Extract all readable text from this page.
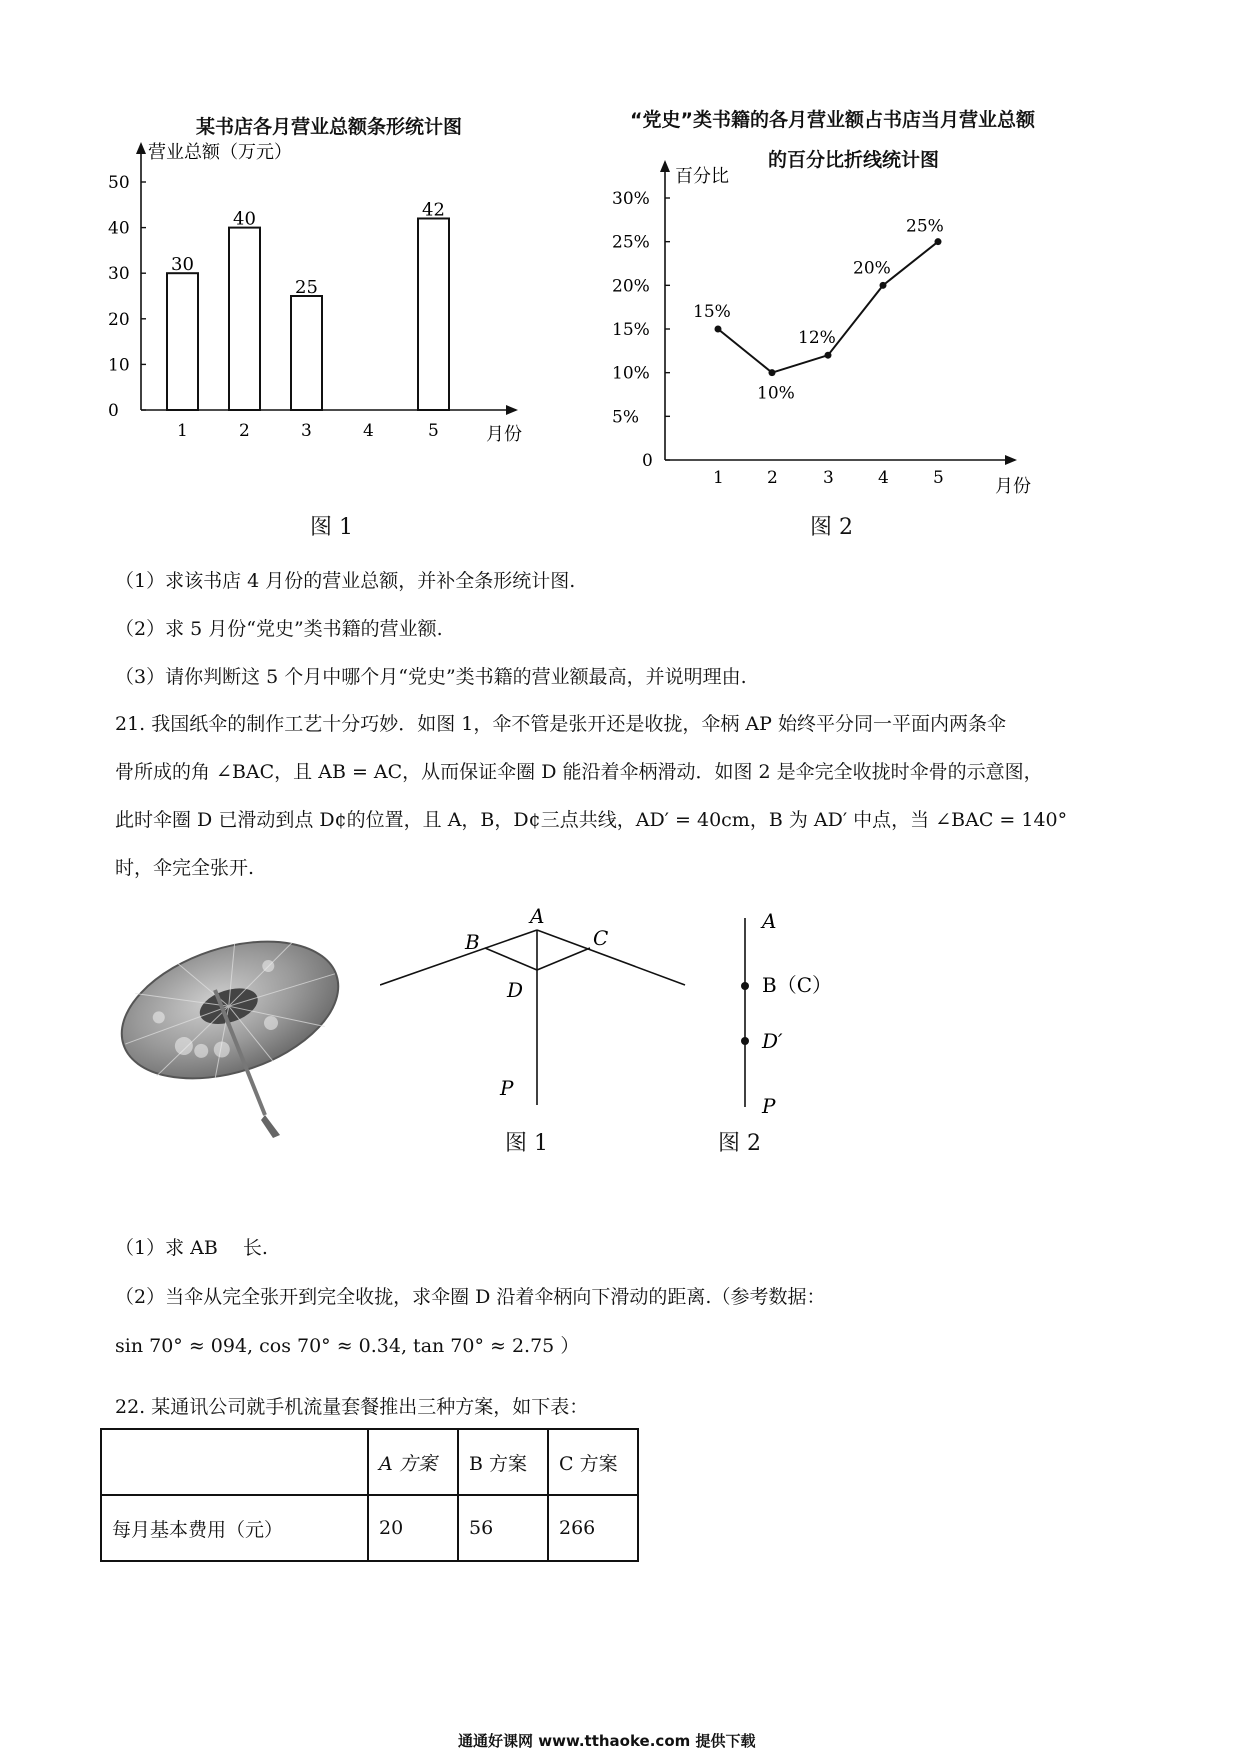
某书店各月营业总额条形统计图
0
10
20
30
40
50
营业总额（万元）
月份
1
30
2
40
3
25
4	5
42
图 1
“党史”类书籍的各月营业额占书店当月营业总额
的百分比折线统计图
0
5%
10%
15%
20%
25%
30%
百分比
月份
1	2	3	4	5
15%
10%
12%
20%
25%
图 2
（1）求该书店 4 月份的营业总额，并补全条形统计图.
（2）求 5 月份“党史”类书籍的营业额.
（3）请你判断这 5 个月中哪个月“党史”类书籍的营业额最高，并说明理由.
21. 我国纸伞的制作工艺十分巧妙．如图 1，伞不管是张开还是收拢，伞柄 AP 始终平分同一平面内两条伞
骨所成的角 ∠BAC，且 AB = AC，从而保证伞圈 D 能沿着伞柄滑动．如图 2 是伞完全收拢时伞骨的示意图，
此时伞圈 D 已滑动到点 D¢的位置，且 A，B，D¢三点共线，AD′ = 40cm，B 为 AD′ 中点，当 ∠BAC = 140°
时，伞完全张开.
A
B	C
D
P
图 1
A
B（C）
D′
P
图 2
（1）求 AB　 长.
（2）当伞从完全张开到完全收拢，求伞圈 D 沿着伞柄向下滑动的距离.（参考数据：
sin 70° ≈ 094, cos 70° ≈ 0.34, tan 70° ≈ 2.75 ）
22. 某通讯公司就手机流量套餐推出三种方案，如下表：
	A 方案	B 方案	C 方案
每月基本费用（元）	20	56	266
通通好课网 www.tthaoke.com 提供下载
